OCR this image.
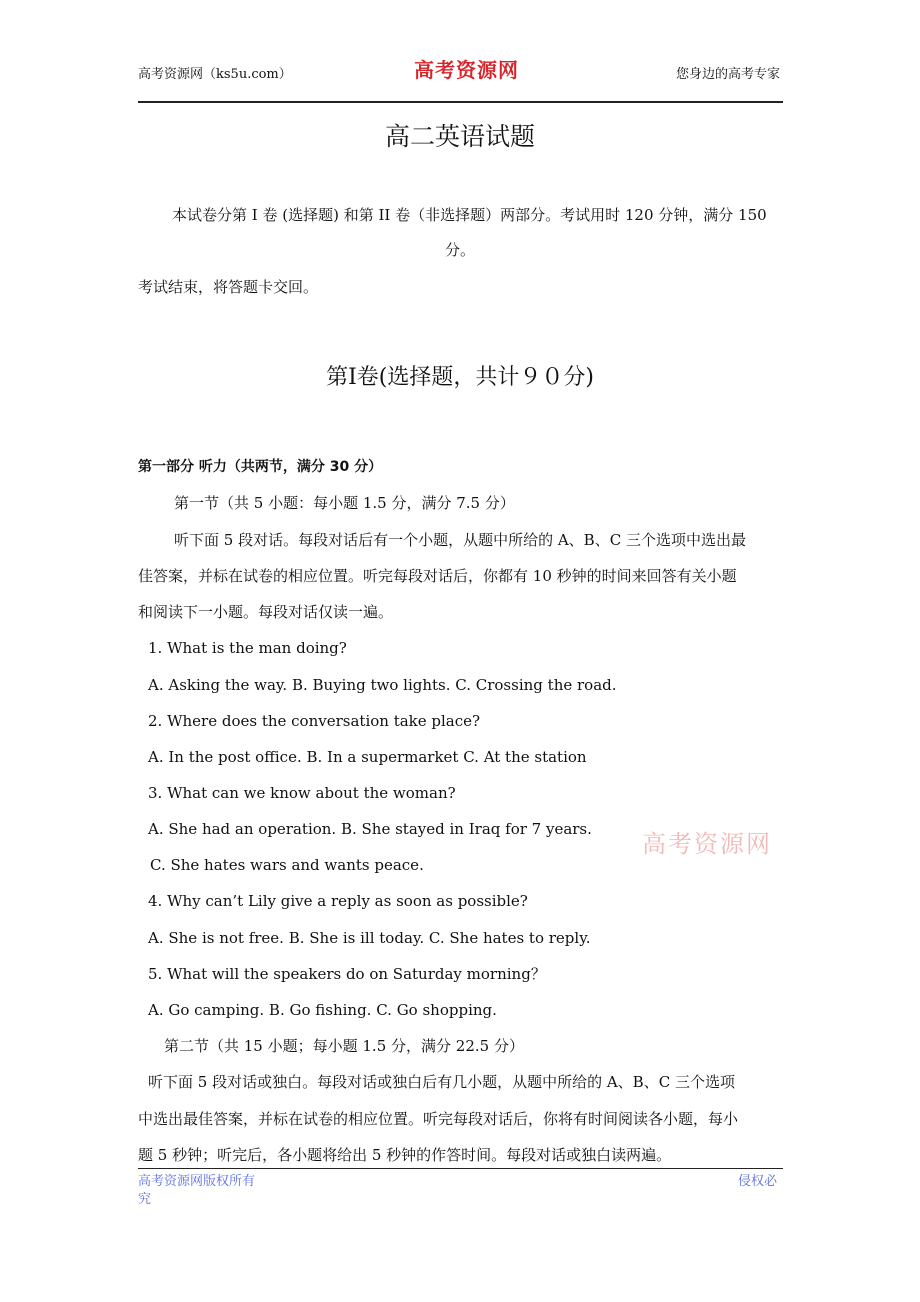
高考资源网（ks5u.com）	高考资源网	您身边的高考专家
高二英语试题
本试卷分第 I 卷 (选择题) 和第 II 卷（非选择题）两部分。考试用时 120 分钟，满分 150
分。
考试结束，将答题卡交回。
第Ⅰ卷(选择题，共计９０分)
第一部分 听力（共两节，满分 30 分）
第一节（共 5 小题：每小题 1.5 分，满分 7.5 分）
听下面 5 段对话。每段对话后有一个小题，从题中所给的 A、B、C 三个选项中选出最
佳答案，并标在试卷的相应位置。听完每段对话后，你都有 10 秒钟的时间来回答有关小题
和阅读下一小题。每段对话仅读一遍。
1. What is the man doing?
A. Asking the way. B. Buying two lights. C. Crossing the road.
2. Where does the conversation take place?
A. In the post office. B. In a supermarket C. At the station
3. What can we know about the woman?
A. She had an operation. B. She stayed in Iraq for 7 years.
C. She hates wars and wants peace.
4. Why can’t Lily give a reply as soon as possible?
A. She is not free. B. She is ill today. C. She hates to reply.
5. What will the speakers do on Saturday morning？
A. Go camping. B. Go fishing. C. Go shopping.
第二节（共 15 小题；每小题 1.5 分，满分 22.5 分）
听下面 5 段对话或独白。每段对话或独白后有几小题，从题中所给的 A、B、C 三个选项
中选出最佳答案，并标在试卷的相应位置。听完每段对话后，你将有时间阅读各小题，每小
题 5 秒钟；听完后，各小题将给出 5 秒钟的作答时间。每段对话或独白读两遍。
高考资源网
高考资源网版权所有
究
侵权必
